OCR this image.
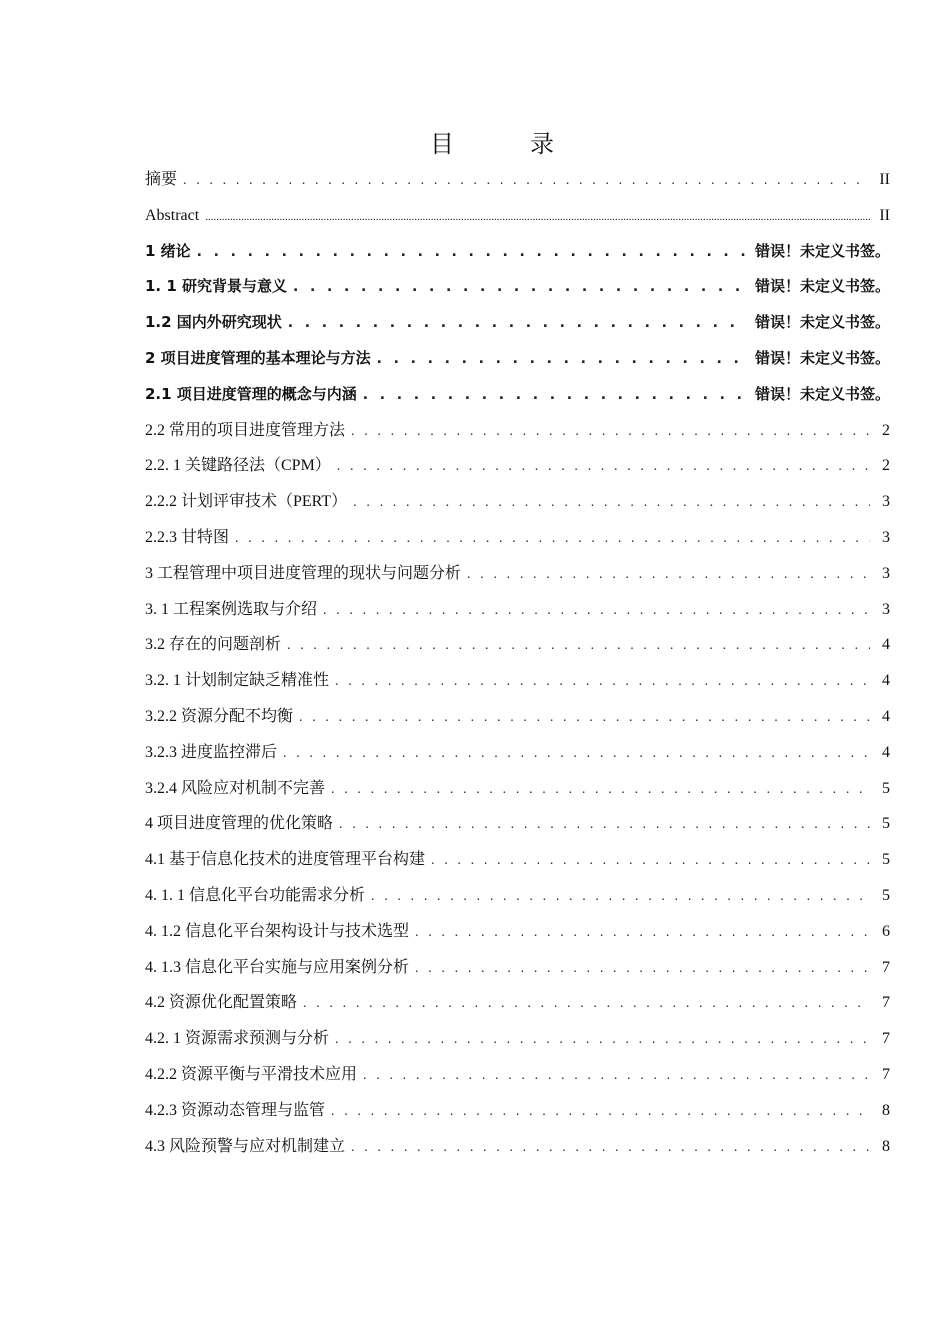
目　录
摘要 . . .	II
Abstract .....	II
1 绪论 . . .	错误！未定义书签。
1. 1 研究背景与意义 . . .	错误！未定义书签。
1.2 国内外研究现状 . . .	错误！未定义书签。
2 项目进度管理的基本理论与方法 . . .	错误！未定义书签。
2.1 项目进度管理的概念与内涵 . . .	错误！未定义书签。
2.2 常用的项目进度管理方法 . . .	2
2.2. 1 关键路径法（CPM） . . .	2
2.2.2 计划评审技术（PERT） . . .	3
2.2.3 甘特图 . . .	3
3 工程管理中项目进度管理的现状与问题分析 . . .	3
3. 1 工程案例选取与介绍 . . .	3
3.2 存在的问题剖析 . . .	4
3.2. 1 计划制定缺乏精准性 . . .	4
3.2.2 资源分配不均衡 . . .	4
3.2.3 进度监控滞后 . . .	4
3.2.4 风险应对机制不完善 . . .	5
4 项目进度管理的优化策略 . . .	5
4.1 基于信息化技术的进度管理平台构建 . . .	5
4. 1. 1 信息化平台功能需求分析 . . .	5
4. 1.2 信息化平台架构设计与技术选型 . . .	6
4. 1.3 信息化平台实施与应用案例分析 . . .	7
4.2 资源优化配置策略 . . .	7
4.2. 1 资源需求预测与分析 . . .	7
4.2.2 资源平衡与平滑技术应用 . . .	7
4.2.3 资源动态管理与监管 . . .	8
4.3 风险预警与应对机制建立 . . .	8
